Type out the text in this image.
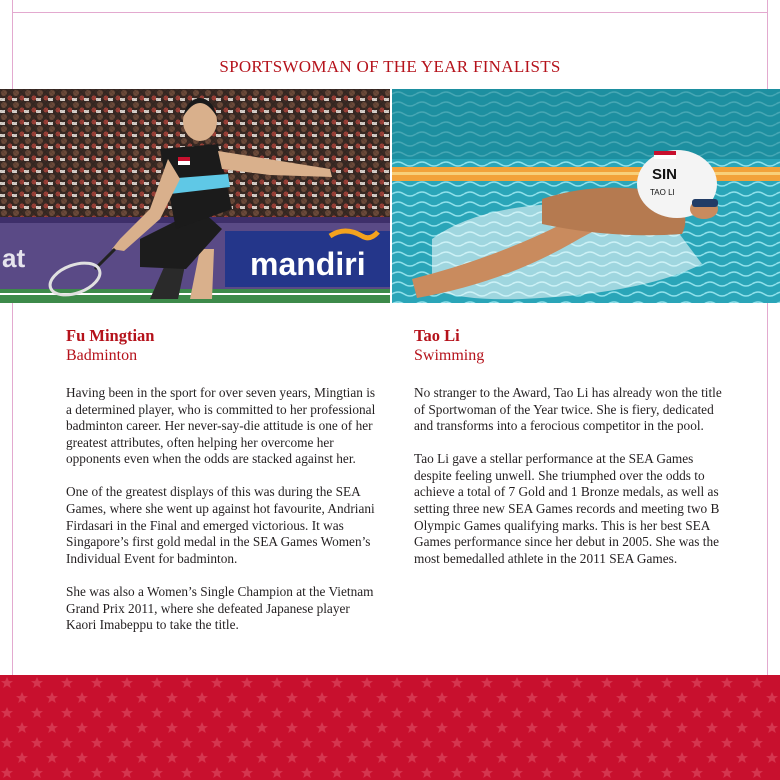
SPORTSWOMAN OF THE YEAR FINALISTS
mandiri
at
SIN
TAO LI
Fu Mingtian
Badminton

Having been in the sport for over seven years, Mingtian is a determined player, who is committed to her professional badminton career. Her never-say-die attitude is one of her greatest attributes, often helping her overcome her opponents even when the odds are stacked against her.

One of the greatest displays of this was during the SEA Games, where she went up against hot favourite, Andriani Firdasari in the Final and emerged victorious. It was Singapore’s first gold medal in the SEA Games Women’s Individual Event for badminton.

She was also a Women’s Single Champion at the Vietnam Grand Prix 2011, where she defeated Japanese player Kaori Imabeppu to take the title.

Tao Li
Swimming

No stranger to the Award, Tao Li has already won the title of Sportwoman of the Year twice. She is fiery, dedicated and transforms into a ferocious competitor in the pool.

Tao Li gave a stellar performance at the SEA Games despite feeling unwell. She triumphed over the odds to achieve a total of 7 Gold and 1 Bronze medals, as well as setting three new SEA Games records and meeting two B Olympic Games qualifying marks. This is her best SEA Games performance since her debut in 2005. She was the most bemedalled athlete in the 2011 SEA Games.
